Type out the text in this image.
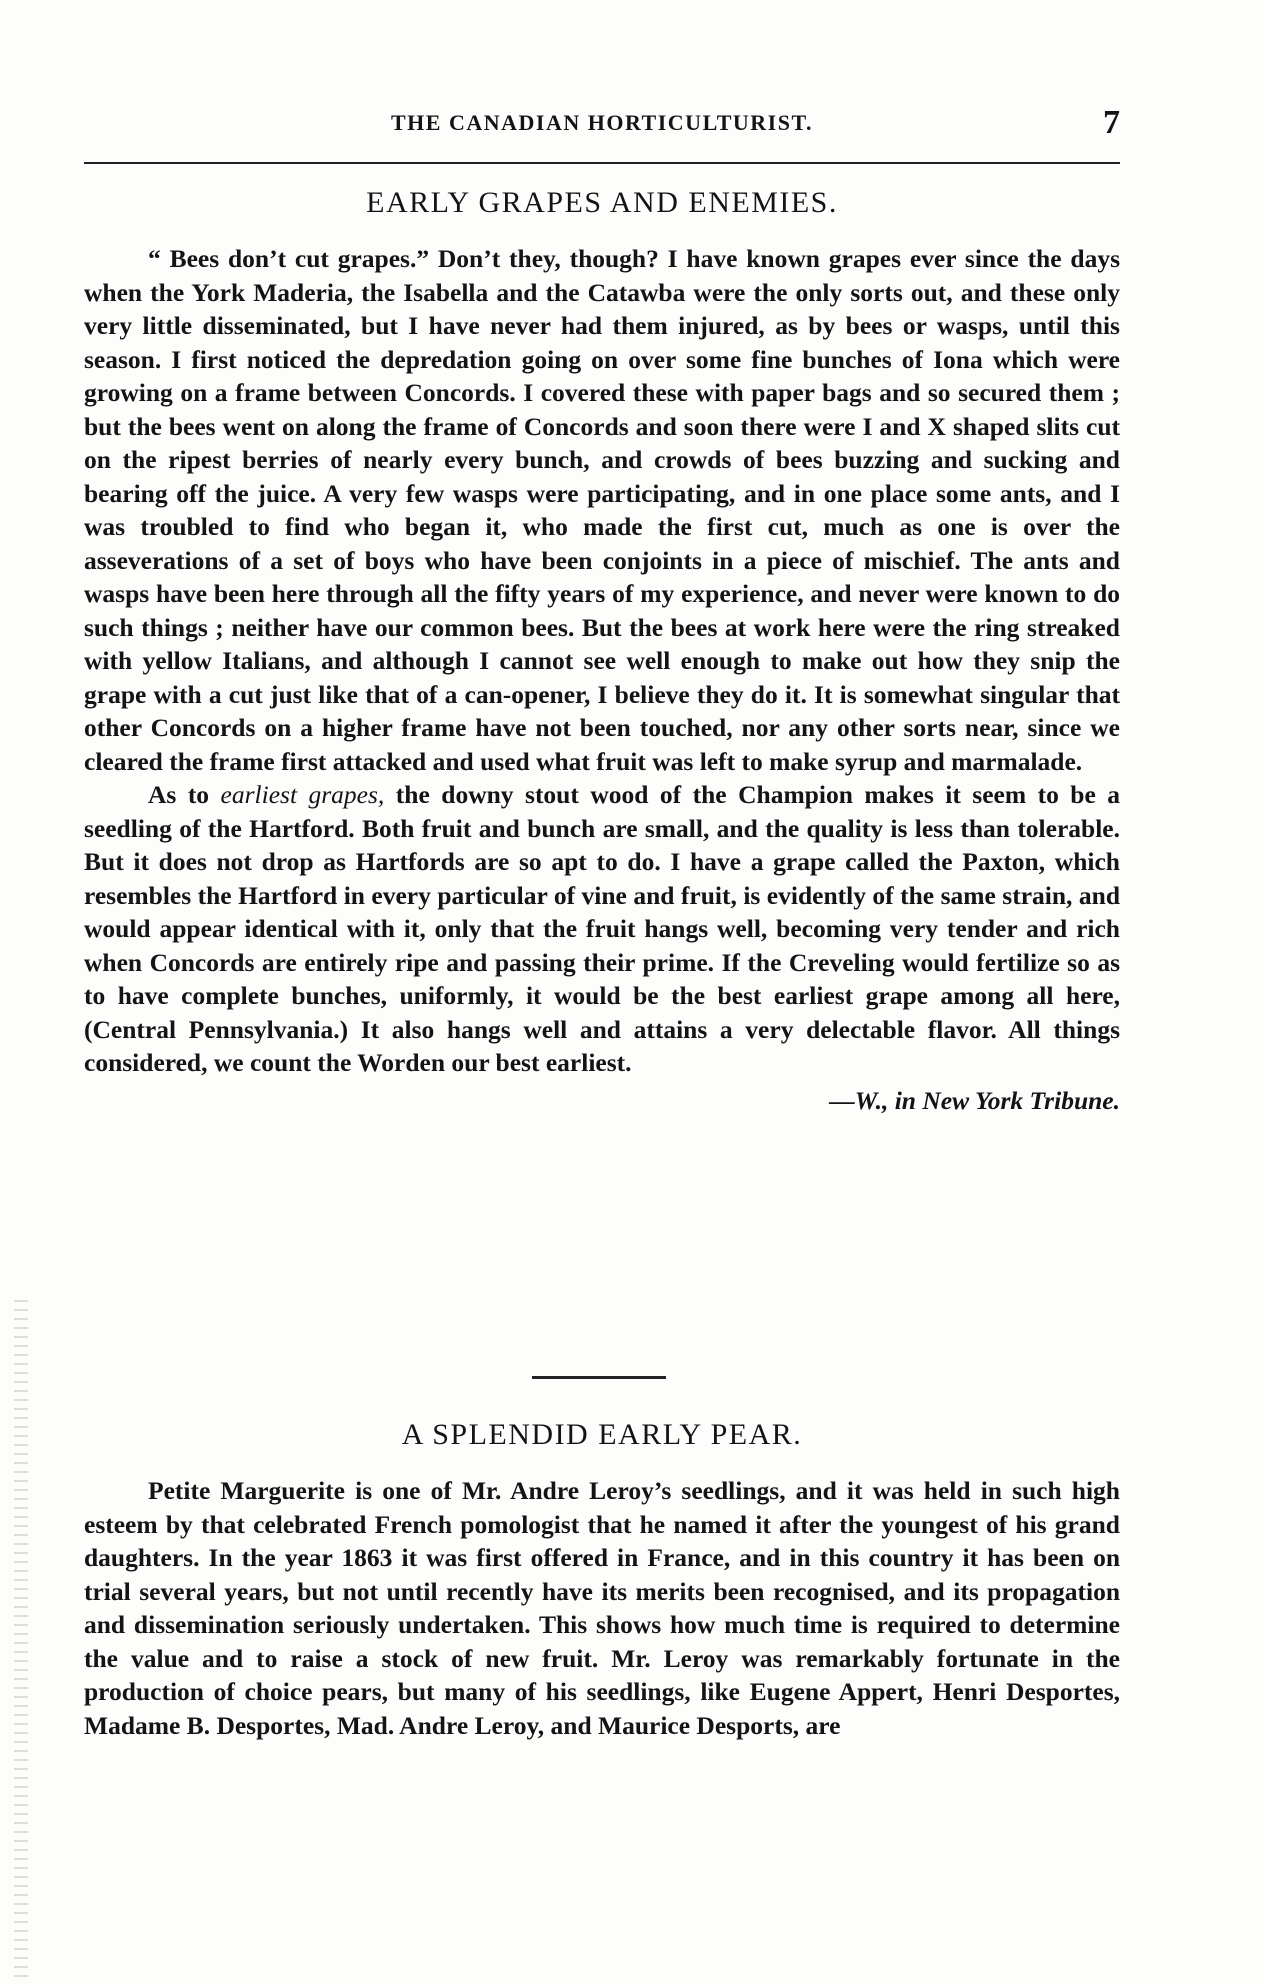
THE CANADIAN HORTICULTURIST.	7
EARLY GRAPES AND ENEMIES.

“ Bees don’t cut grapes.” Don’t they, though? I have known grapes ever since the days when the York Maderia, the Isabella and the Catawba were the only sorts out, and these only very little disseminated, but I have never had them injured, as by bees or wasps, until this season. I first noticed the depredation going on over some fine bunches of Iona which were growing on a frame between Concords. I covered these with paper bags and so secured them ; but the bees went on along the frame of Concords and soon there were I and X shaped slits cut on the ripest berries of nearly every bunch, and crowds of bees buzzing and sucking and bearing off the juice. A very few wasps were participating, and in one place some ants, and I was troubled to find who began it, who made the first cut, much as one is over the asseverations of a set of boys who have been conjoints in a piece of mischief. The ants and wasps have been here through all the fifty years of my experience, and never were known to do such things ; neither have our common bees. But the bees at work here were the ring streaked with yellow Italians, and although I cannot see well enough to make out how they snip the grape with a cut just like that of a can-opener, I believe they do it. It is somewhat singular that other Concords on a higher frame have not been touched, nor any other sorts near, since we cleared the frame first attacked and used what fruit was left to make syrup and marmalade.

As to earliest grapes, the downy stout wood of the Champion makes it seem to be a seedling of the Hartford. Both fruit and bunch are small, and the quality is less than tolerable. But it does not drop as Hartfords are so apt to do. I have a grape called the Paxton, which resembles the Hartford in every particular of vine and fruit, is evidently of the same strain, and would appear identical with it, only that the fruit hangs well, becoming very tender and rich when Concords are entirely ripe and passing their prime. If the Creveling would fertilize so as to have complete bunches, uniformly, it would be the best earliest grape among all here, (Central Pennsylvania.) It also hangs well and attains a very delectable flavor. All things considered, we count the Worden our best earliest.

—W., in New York Tribune.

A SPLENDID EARLY PEAR.

Petite Marguerite is one of Mr. Andre Leroy’s seedlings, and it was held in such high esteem by that celebrated French pomologist that he named it after the youngest of his grand daughters. In the year 1863 it was first offered in France, and in this country it has been on trial several years, but not until recently have its merits been recognised, and its propagation and dissemination seriously undertaken. This shows how much time is required to determine the value and to raise a stock of new fruit. Mr. Leroy was remarkably fortunate in the production of choice pears, but many of his seedlings, like Eugene Appert, Henri Desportes, Madame B. Desportes, Mad. Andre Leroy, and Maurice Desports, are
